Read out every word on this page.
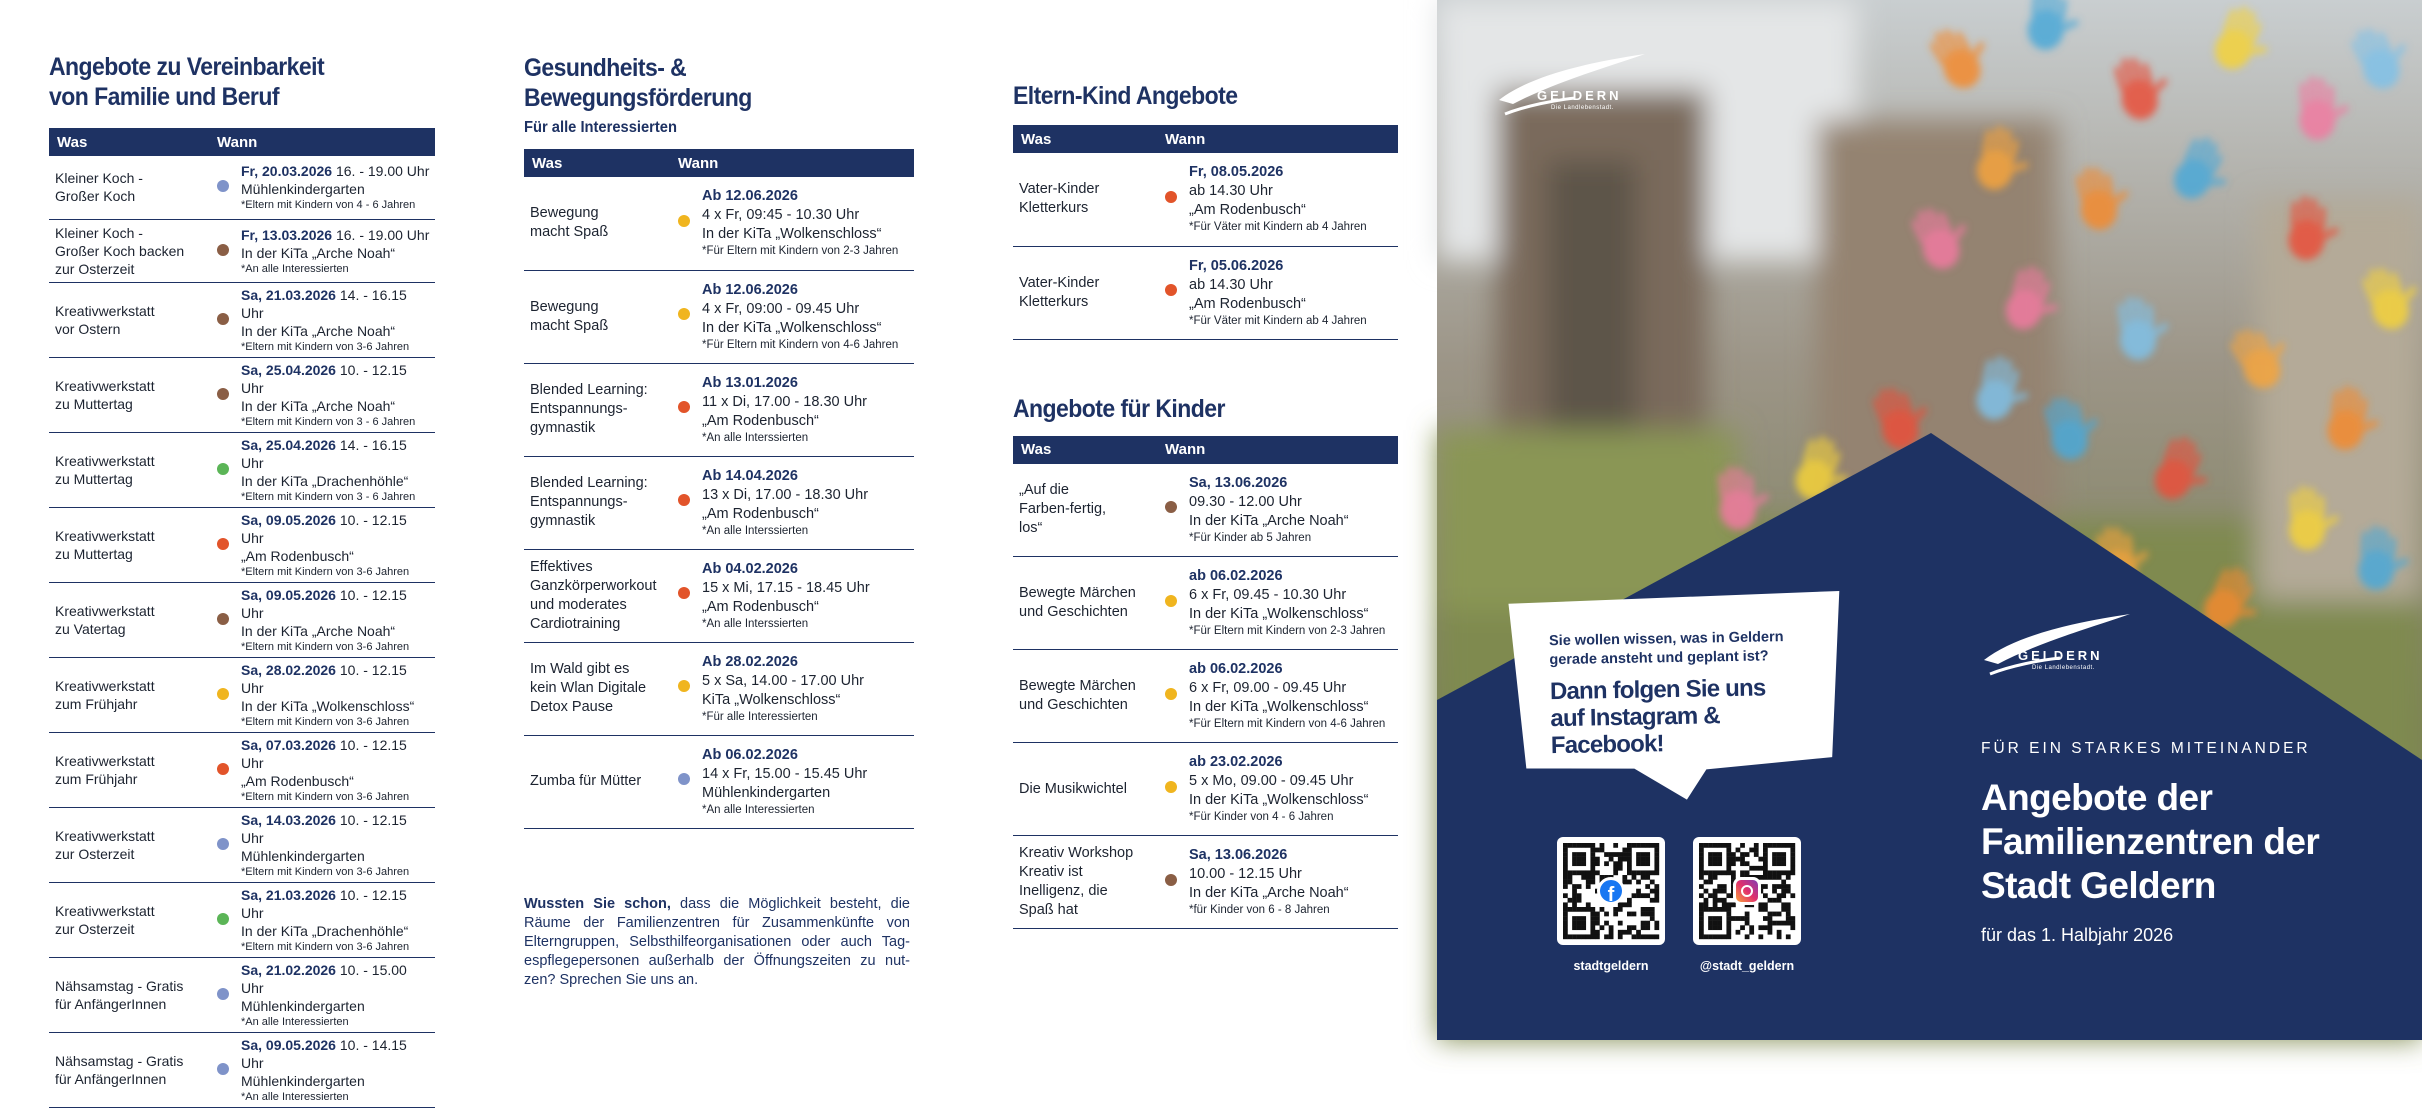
Angebote zu Vereinbarkeit
von Familie und Beruf
Was	Wann	
Kleiner Koch -
Großer Koch		Fr, 20.03.2026 16. - 19.00 Uhr
Mühlenkindergarten
*Eltern mit Kindern von 4 - 6 Jahren

Kleiner Koch -
Großer Koch backen
zur Osterzeit		Fr, 13.03.2026 16. - 19.00 Uhr
In der KiTa „Arche Noah“
*An alle Interessierten

Kreativwerkstatt
vor Ostern		Sa, 21.03.2026 14. - 16.15 Uhr
In der KiTa „Arche Noah“
*Eltern mit Kindern von 3-6 Jahren

Kreativwerkstatt
zu Muttertag		Sa, 25.04.2026 10. - 12.15 Uhr
In der KiTa „Arche Noah“
*Eltern mit Kindern von 3 - 6 Jahren

Kreativwerkstatt
zu Muttertag		Sa, 25.04.2026 14. - 16.15 Uhr
In der KiTa „Drachenhöhle“
*Eltern mit Kindern von 3 - 6 Jahren

Kreativwerkstatt
zu Muttertag		Sa, 09.05.2026 10. - 12.15 Uhr
„Am Rodenbusch“
*Eltern mit Kindern von 3-6 Jahren

Kreativwerkstatt
zu Vatertag		Sa, 09.05.2026 10. - 12.15 Uhr
In der KiTa „Arche Noah“
*Eltern mit Kindern von 3-6 Jahren

Kreativwerkstatt
zum Frühjahr		Sa, 28.02.2026 10. - 12.15 Uhr
In der KiTa „Wolkenschloss“
*Eltern mit Kindern von 3-6 Jahren

Kreativwerkstatt
zum Frühjahr		Sa, 07.03.2026 10. - 12.15 Uhr
„Am Rodenbusch“
*Eltern mit Kindern von 3-6 Jahren

Kreativwerkstatt
zur Osterzeit		Sa, 14.03.2026 10. - 12.15 Uhr
Mühlenkindergarten
*Eltern mit Kindern von 3-6 Jahren

Kreativwerkstatt
zur Osterzeit		Sa, 21.03.2026 10. - 12.15 Uhr
In der KiTa „Drachenhöhle“
*Eltern mit Kindern von 3-6 Jahren

Nähsamstag - Gratis
für AnfängerInnen		Sa, 21.02.2026 10. - 15.00 Uhr
Mühlenkindergarten
*An alle Interessierten

Nähsamstag - Gratis
für AnfängerInnen		Sa, 09.05.2026 10. - 14.15 Uhr
Mühlenkindergarten
*An alle Interessierten
Gesundheits- & Bewegungsförderung
Für alle Interessierten
Was	Wann	
Bewegung
macht Spaß		Ab 12.06.2026
4 x Fr, 09:45 - 10.30 Uhr
In der KiTa „Wolkenschloss“
*Für Eltern mit Kindern von 2-3 Jahren

Bewegung
macht Spaß		Ab 12.06.2026
4 x Fr, 09:00 - 09.45 Uhr
In der KiTa „Wolkenschloss“
*Für Eltern mit Kindern von 4-6 Jahren

Blended Learning:
Entspannungs-
gymnastik		Ab 13.01.2026
11 x Di, 17.00 - 18.30 Uhr
„Am Rodenbusch“
*An alle Interssierten

Blended Learning:
Entspannungs-
gymnastik		Ab 14.04.2026
13 x Di, 17.00 - 18.30 Uhr
„Am Rodenbusch“
*An alle Interssierten

Effektives
Ganzkörperworkout
und moderates
Cardiotraining		Ab 04.02.2026
15 x Mi, 17.15 - 18.45 Uhr
„Am Rodenbusch“
*An alle Interssierten

Im Wald gibt es
kein Wlan Digitale
Detox Pause		Ab 28.02.2026
5 x Sa, 14.00 - 17.00 Uhr
KiTa „Wolkenschloss“
*Für alle Interessierten

Zumba für Mütter		Ab 06.02.2026
14 x Fr, 15.00 - 15.45 Uhr
Mühlenkindergarten
*An alle Interessierten
Wussten Sie schon, dass die Möglichkeit besteht, die Räume der Familienzentren für Zusammenkünfte von Elterngruppen, Selbsthilfeorganisationen oder auch Tag-espflegepersonen außerhalb der Öffnungszeiten zu nut-zen? Sprechen Sie uns an.
Eltern-Kind Angebote
Was	Wann	
Vater-Kinder
Kletterkurs		Fr, 08.05.2026
ab 14.30 Uhr
„Am Rodenbusch“
*Für Väter mit Kindern ab 4 Jahren

Vater-Kinder
Kletterkurs		Fr, 05.06.2026
ab 14.30 Uhr
„Am Rodenbusch“
*Für Väter mit Kindern ab 4 Jahren
Angebote für Kinder
Was	Wann	
„Auf die
Farben-fertig,
los“		Sa, 13.06.2026
09.30 - 12.00 Uhr
In der KiTa „Arche Noah“
*Für Kinder ab 5 Jahren

Bewegte Märchen
und Geschichten		ab 06.02.2026
6 x Fr, 09.45 - 10.30 Uhr
In der KiTa „Wolkenschloss“
*Für Eltern mit Kindern von 2-3 Jahren

Bewegte Märchen
und Geschichten		ab 06.02.2026
6 x Fr, 09.00 - 09.45 Uhr
In der KiTa „Wolkenschloss“
*Für Eltern mit Kindern von 4-6 Jahren

Die Musikwichtel		ab 23.02.2026
5 x Mo, 09.00 - 09.45 Uhr
In der KiTa „Wolkenschloss“
*Für Kinder von 4 - 6 Jahren

Kreativ Workshop
Kreativ ist
Inelligenz, die
Spaß hat		Sa, 13.06.2026
10.00 - 12.15 Uhr
In der KiTa „Arche Noah“
*für Kinder von 6 - 8 Jahren
GELDERN
Die Landlebenstadt.
Sie wollen wissen, was in Geldern gerade ansteht und geplant ist?
Dann folgen Sie uns auf Instagram & Facebook!
f
stadtgeldern	@stadt_geldern
GELDERN
Die Landlebenstadt.
FÜR EIN STARKES MITEINANDER
Angebote der Familienzentren der Stadt Geldern
für das 1. Halbjahr 2026
